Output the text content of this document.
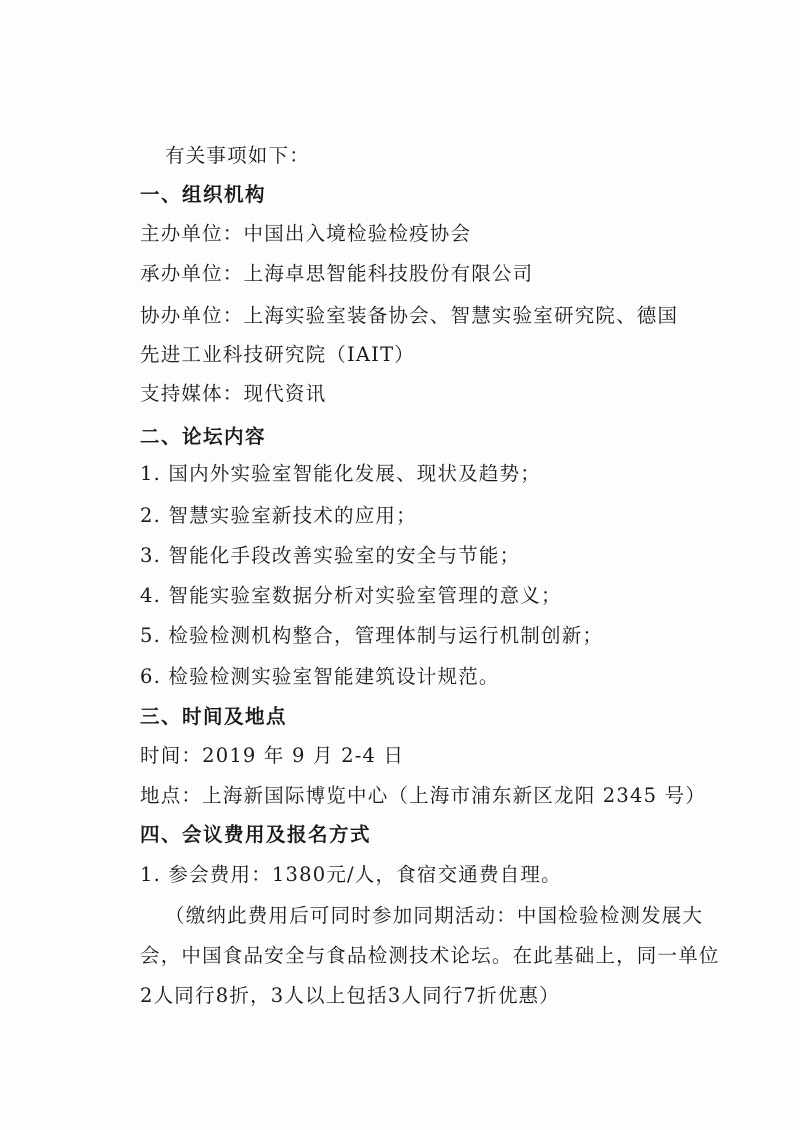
有关事项如下：
一、组织机构
主办单位：中国出入境检验检疫协会
承办单位：上海卓思智能科技股份有限公司
协办单位：上海实验室装备协会、智慧实验室研究院、德国
先进工业科技研究院（IAIT）
支持媒体：现代资讯
二、论坛内容
1. 国内外实验室智能化发展、现状及趋势；
2. 智慧实验室新技术的应用；
3. 智能化手段改善实验室的安全与节能；
4. 智能实验室数据分析对实验室管理的意义；
5. 检验检测机构整合，管理体制与运行机制创新；
6. 检验检测实验室智能建筑设计规范。
三、时间及地点
时间：2019 年 9 月 2-4 日
地点：上海新国际博览中心（上海市浦东新区龙阳 2345 号）
四、会议费用及报名方式
1. 参会费用：1380元/人，食宿交通费自理。
（缴纳此费用后可同时参加同期活动：中国检验检测发展大
会，中国食品安全与食品检测技术论坛。在此基础上，同一单位
2人同行8折，3人以上包括3人同行7折优惠）
